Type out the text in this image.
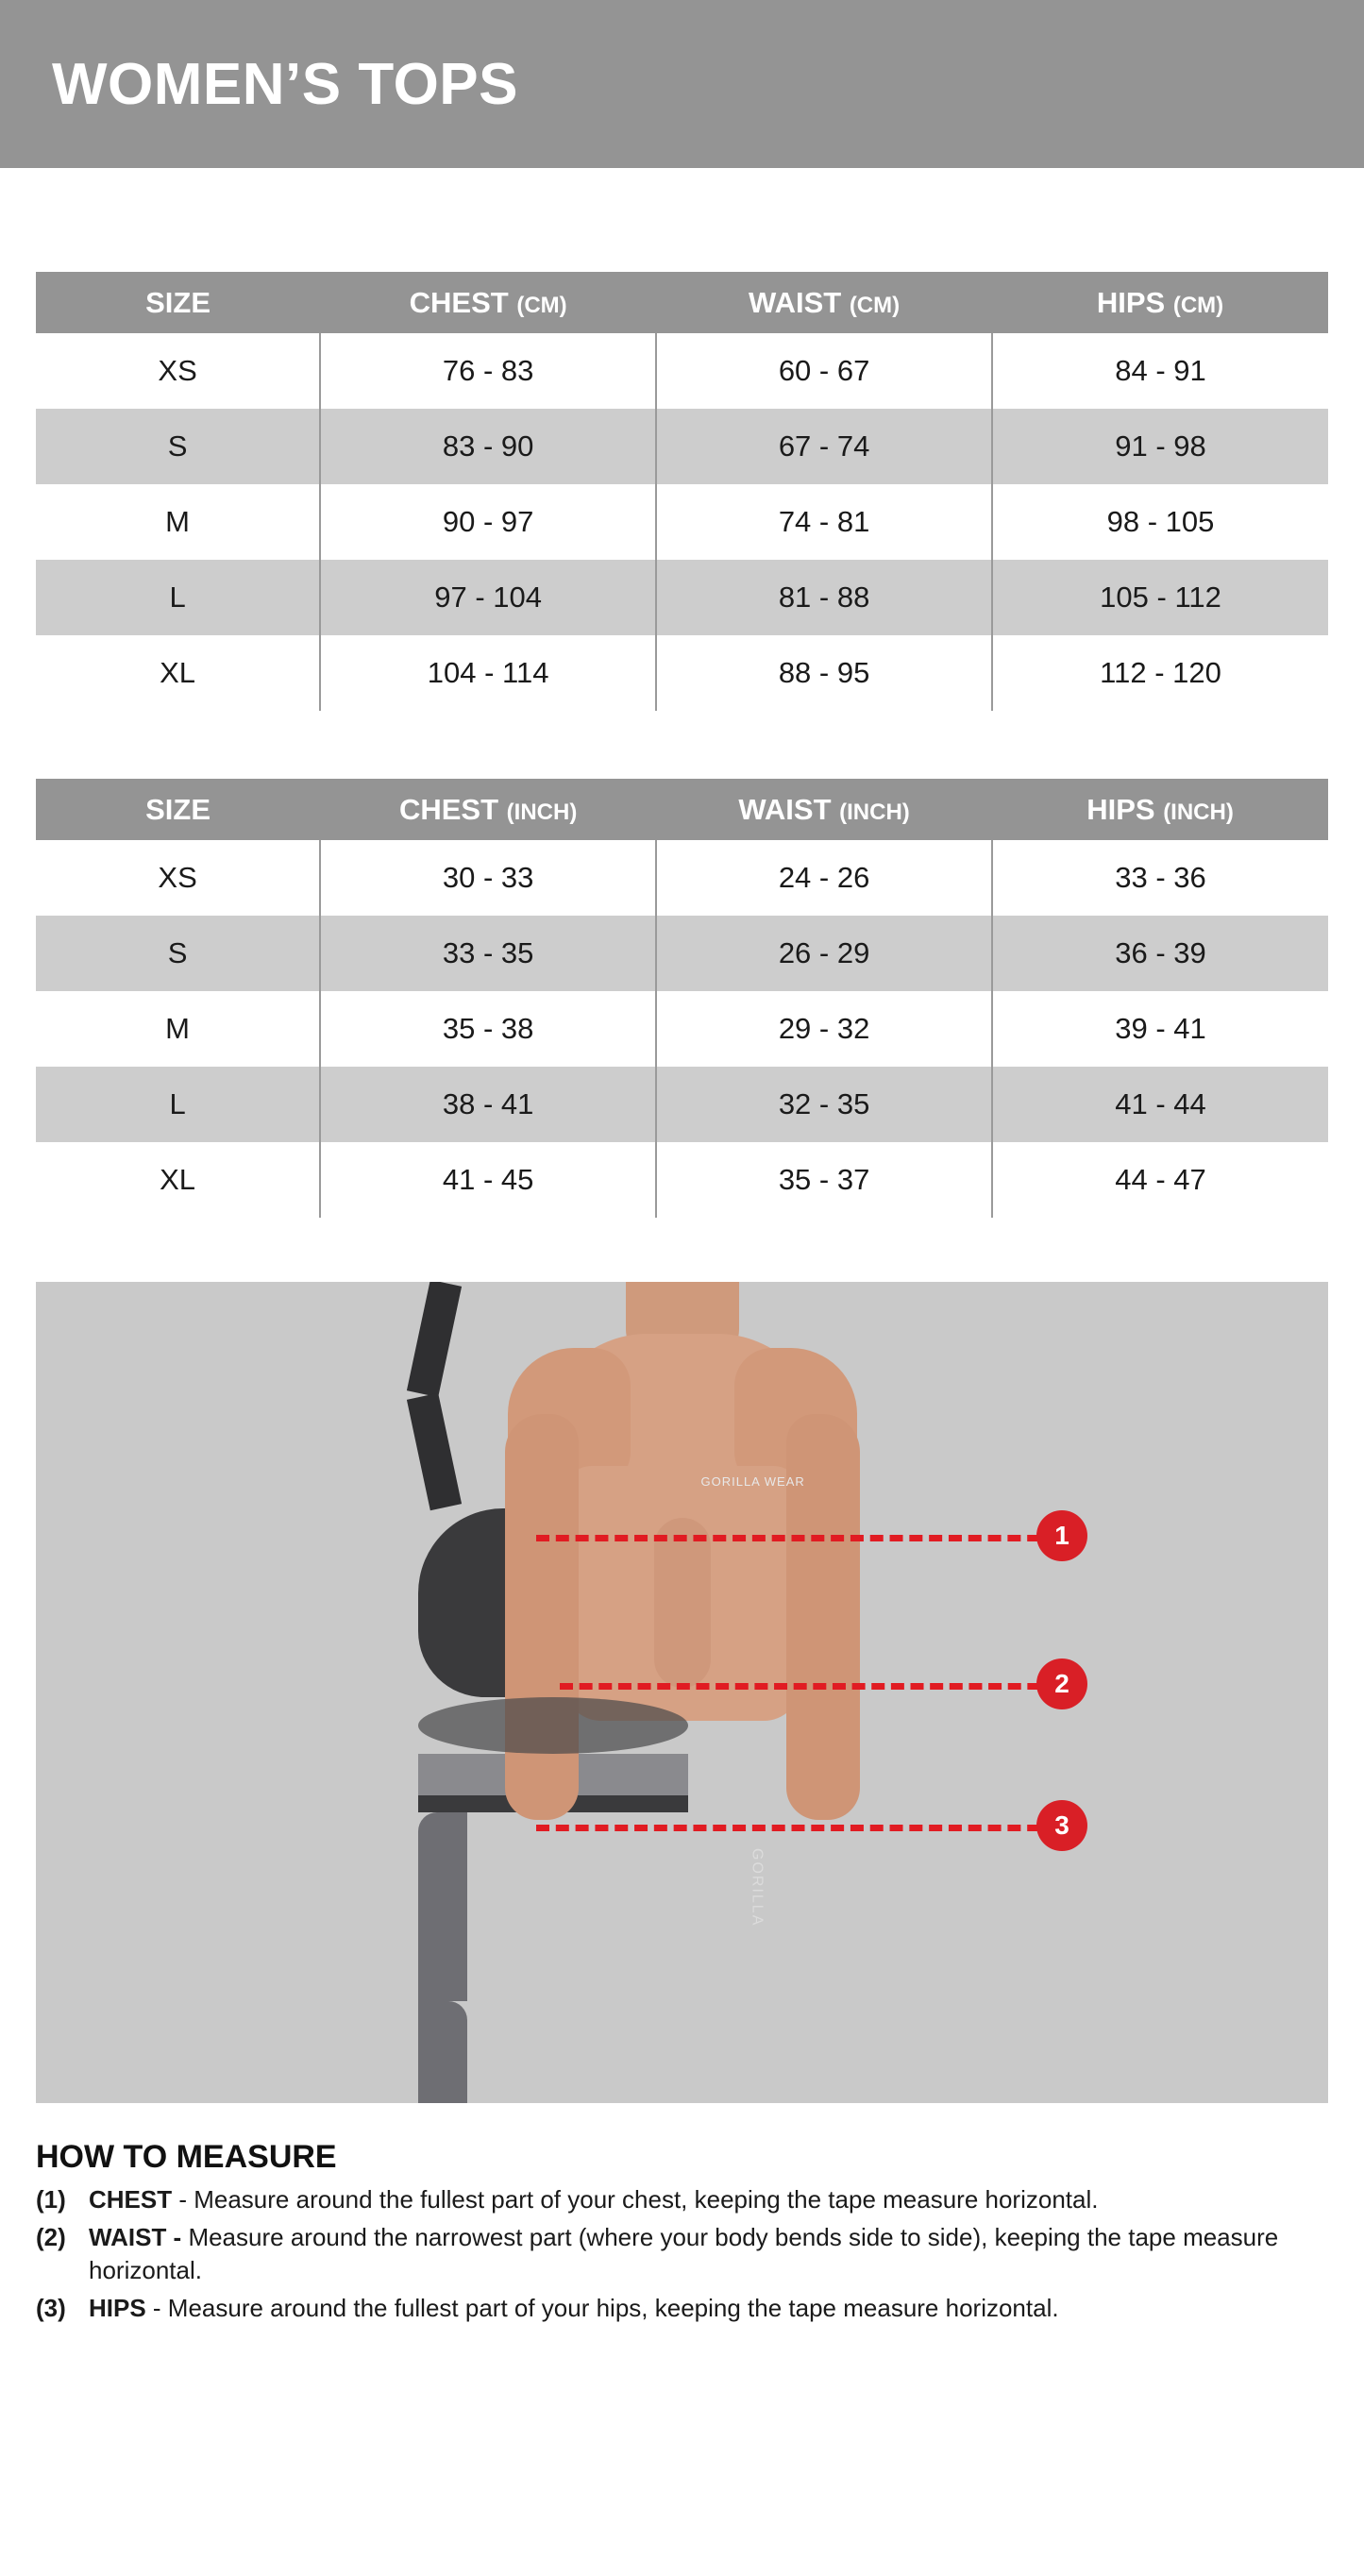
WOMEN’S TOPS
SIZE	CHEST (CM)	WAIST (CM)	HIPS (CM)
XS	76 - 83	60 - 67	84 - 91
S	83 - 90	67 - 74	91 - 98
M	90 - 97	74 - 81	98 - 105
L	97 - 104	81 - 88	105 - 112
XL	104 - 114	88 - 95	112 - 120
SIZE	CHEST (INCH)	WAIST (INCH)	HIPS (INCH)
XS	30 - 33	24 - 26	33 - 36
S	33 - 35	26 - 29	36 - 39
M	35 - 38	29 - 32	39 - 41
L	38 - 41	32 - 35	41 - 44
XL	41 - 45	35 - 37	44 - 47
GORILLA WEAR
GORILLA
1
2
3
HOW TO MEASURE
(1) CHEST - Measure around the fullest part of your chest, keeping the tape measure horizontal.
(2) WAIST - Measure around the narrowest part (where your body bends side to side), keeping the tape measure horizontal.
(3) HIPS - Measure around the fullest part of your hips, keeping the tape measure horizontal.
